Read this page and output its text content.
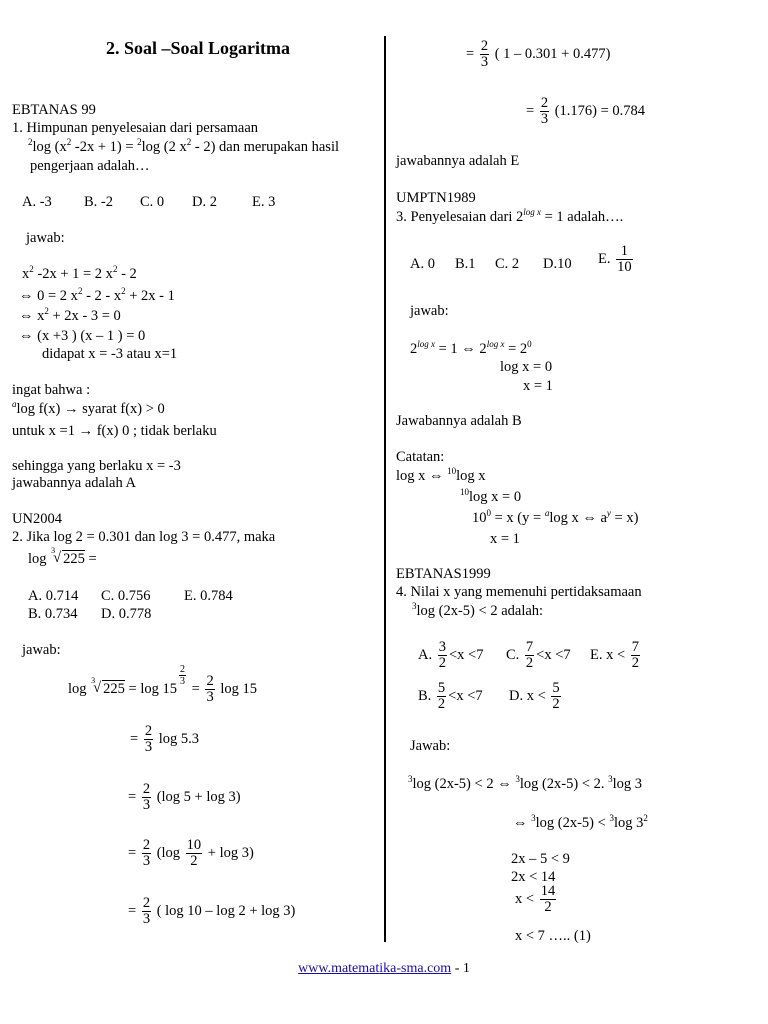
2. Soal –Soal Logaritma
EBTANAS 99
1. Himpunan penyelesaian dari persamaan
$^2$log ($x^2$ -2x + 1) = $^2$log (2 $x^2 - 2$) dan merupakan hasil
pengerjaan adalah…
A. -3 B. -2 C. 0 D. 2 E. 3
jawab:
$x^2$ -2x + 1 = 2 $x^2 - 2$
⇔ 0 = 2 $x^2 - 2 - x^2 + 2x - 1$
⇔ $x^2 + 2x - 3 = 0$
⇔ (x +3 ) (x – 1 ) = 0
didapat x = -3 atau x=1
ingat bahwa :
$^a$log f(x) → syarat f(x) > 0
untuk x =1 → f(x) 0 ; tidak berlaku
sehingga yang berlaku x = -3
jawabannya adalah A
UN2004
2. Jika log 2 = 0.301 dan log 3 = 0.477, maka
log
3
√ 225 =
A. 0.714 C. 0.756 E. 0.784
B. 0.734 D. 0.778
jawab:
log
3
√ 225 = log 15
$\frac{2}{3}$
= $\frac{2}{3}$ log 15
= $\frac{2}{3}$ log 5.3
= $\frac{2}{3} (\log$ 5 + log 3)
= $\frac{2}{3} (\log \frac{10}{2} + \log 3)$
= $\frac{2}{3}$ ( log 10 – log 2 + log 3)
= $\frac{2}{3}$ ( 1 – 0.301 + 0.477)
= $\frac{2}{3} (1.176) = 0.784$
jawabannya adalah E
UMPTN1989
3. Penyelesaian dari $2^{log x} = 1$ adalah….
A. 0 B.1 C. 2 D.10 E. $\frac{1}{10}$
jawab:
$2^{log x} = 1$ ⇔ $2^{log x} = 2^0$
log x = 0
x = 1
Jawabannya adalah B
Catatan:
log x ⇔ $^{10}$log x
$^{10}$log x = 0
$10^0 = x$ (y = $^a$log x ⇔ $a^y = x$)
x = 1
EBTANAS1999
4. Nilai x yang memenuhi pertidaksamaan
$^3$log (2x-5) < 2 adalah:
A. $\frac{3}{2} <x <7$ C. $\frac{7}{2} <x <7$ E. $x < \frac{7}{2}$
B. $\frac{5}{2} <x <7$ D. $x < \frac{5}{2}$
Jawab:
$^3$log (2x-5) < 2 ⇔ $^3$log (2x-5) < 2. $^3$log 3
⇔ $^3$log (2x-5) < $^3$log $3^2$
2x – 5 < 9
2x < 14
$x < \frac{14}{2}$
x < 7 ….. (1)
www.matematika-sma.com - 1
